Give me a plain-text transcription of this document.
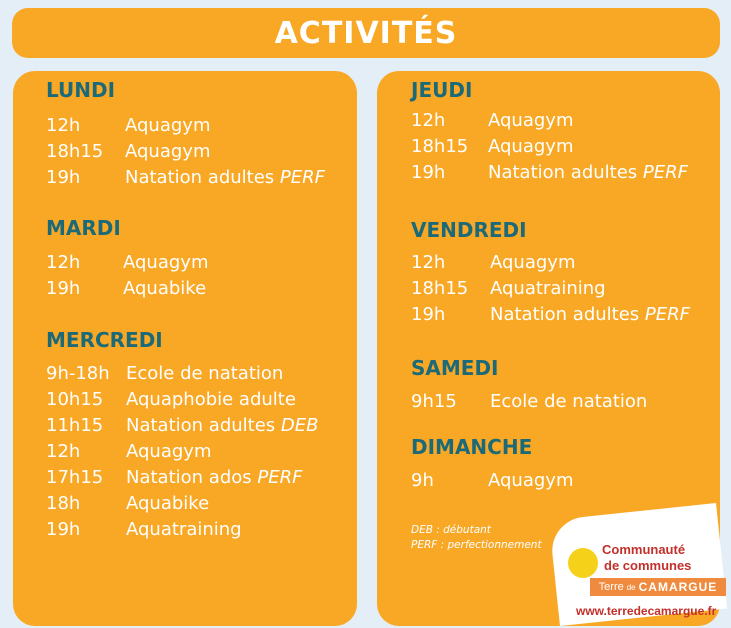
ACTIVITÉS
LUNDI
12h Aquagym
18h15 Aquagym
19h Natation adultes PERF
MARDI
12h Aquagym
19h Aquabike
MERCREDI
9h-18h Ecole de natation
10h15 Aquaphobie adulte
11h15 Natation adultes DEB
12h	Aquagym
17h15 Natation ados PERF
18h	Aquabike
19h	Aquatraining
JEUDI
12h Aquagym
18h15 Aquagym
19h Natation adultes PERF
VENDREDI
12h Aquagym
18h15 Aquatraining
19h Natation adultes PERF
SAMEDI
9h15 Ecole de natation
DIMANCHE
9h	Aquagym
DEB : débutant
PERF : perfectionnement	Communauté
de communes
Terre de CAMARGUE
www.terredecamargue.fr
